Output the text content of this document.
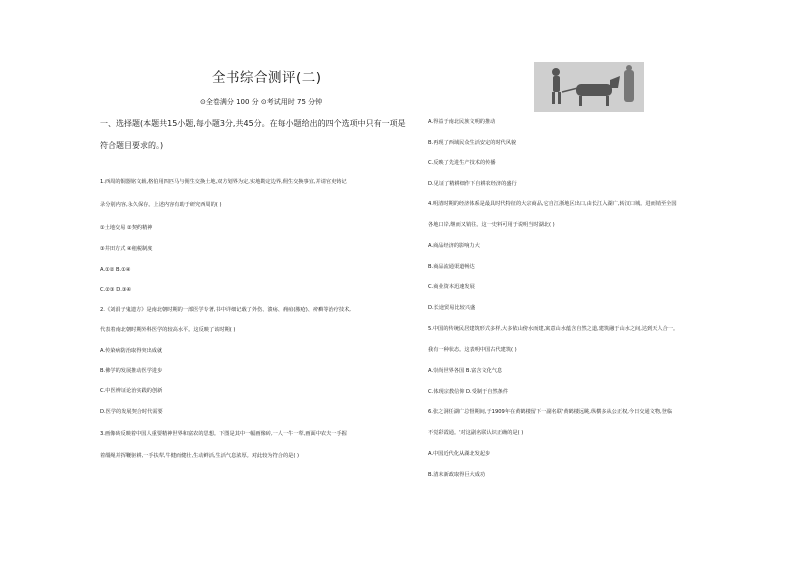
全书综合测评(二)
⊙全卷满分 100 分 ⊙考试用时 75 分钟
一、选择题(本题共15小题,每小题3分,共45分。在每小题给出的四个选项中只有一项是
符合题目要求的。)
1.西周的铜器铭文载,格伯用四匹马与佣生交换土地,双方划界为定,实地勘定边界,佣生交换事宜,并请官吏铸记
录分别内容,永久保存。上述内容有助于研究西周的( )
①土地交易 ②契约精神
③井田方式 ④租税制度
A.①② B.①④
C.②③ D.③④
2.《刘涓子鬼遗方》是南北朝时期的一部医学专著,书中详细记载了外伤、溃疡、痈疽(脓疮)、疥癣等治疗技术,
代表着南北朝时期外科医学的较高水平。这反映了该时期( )
A.传染病防治取得突出成就
B.佛学的发展推动医学进步
C.中医辨证论治实践的创新
D.医学的发展契合时代需要
3.画像砖反映着中国人重要精神世界和富农的思想。下图是其中一幅画像砖,一人一牛一犁,画面中农夫一手握
着缰绳并挥鞭驱耕,一手扶犁,牛健而健壮,生动鲜活,生活气息浓厚。对此较为符合的是( )
A.得益于南北民族文明的推动
B.再现了西域民众生活安定的时代风貌
C.反映了先进生产技术的传播
D.见证了精耕细作下自耕农经济的盛行
4.明清时期的经济体系是最具时代特征的大宗商品,它自江浙地区出口,由长江入湖广,转汉口城。进而销至全国
各地口岸,继而又销往。这一史料可用于说明当时湖北( )
A.商品经济的影响力大
B.商品流通渠道畅达
C.商业资本迅速发展
D.长途贸易比较兴盛
5.中国的传统民居建筑形式多样,大多依山傍水而建,寓意山水蕴含自然之道,建筑融于山水之间,达到天人合一。
我有一种状态。这表明中国古代建筑( )
A.崇尚世界各国 B.富含文化气息
C.体现宗教信仰 D.受制于自然条件
6.张之洞任湖广总督期间,于1909年在黄鹤楼留下一副名联'黄鹤楼远眺,纵横多从公正权,今日交通文物,登临
不觉彩霞通。'对这副名联认识正确的是( )
A.中国近代化从湖北发起步
B.清末新政取得巨大成功
